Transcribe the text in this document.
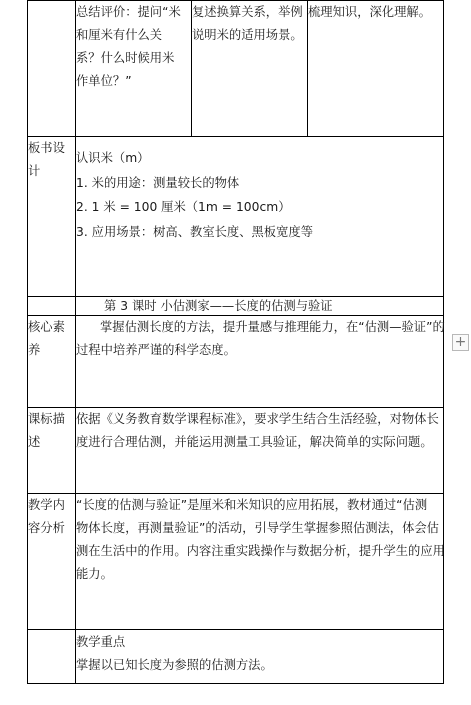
	总结评价：提问“米
和厘米有什么关
系？什么时候用米
作单位？”	复述换算关系，举例
说明米的适用场景。	梳理知识，深化理解。

板书设
计	认识米（m）
1. 米的用途：测量较长的物体
2. 1 米 = 100 厘米（1m = 100cm）
3. 应用场景：树高、教室长度、黑板宽度等		

	第 3 课时 小估测家——长度的估测与验证		

核心素
养	掌握估测长度的方法，提升量感与推理能力，在“估测—验证”的
过程中培养严谨的科学态度。		

课标描
述	依据《义务教育数学课程标准》，要求学生结合生活经验，对物体长
度进行合理估测，并能运用测量工具验证，解决简单的实际问题。		

教学内
容分析	“长度的估测与验证”是厘米和米知识的应用拓展，教材通过“估测
物体长度，再测量验证”的活动，引导学生掌握参照估测法，体会估
测在生活中的作用。内容注重实践操作与数据分析，提升学生的应用
能力。		

	教学重点
掌握以已知长度为参照的估测方法。		
+
